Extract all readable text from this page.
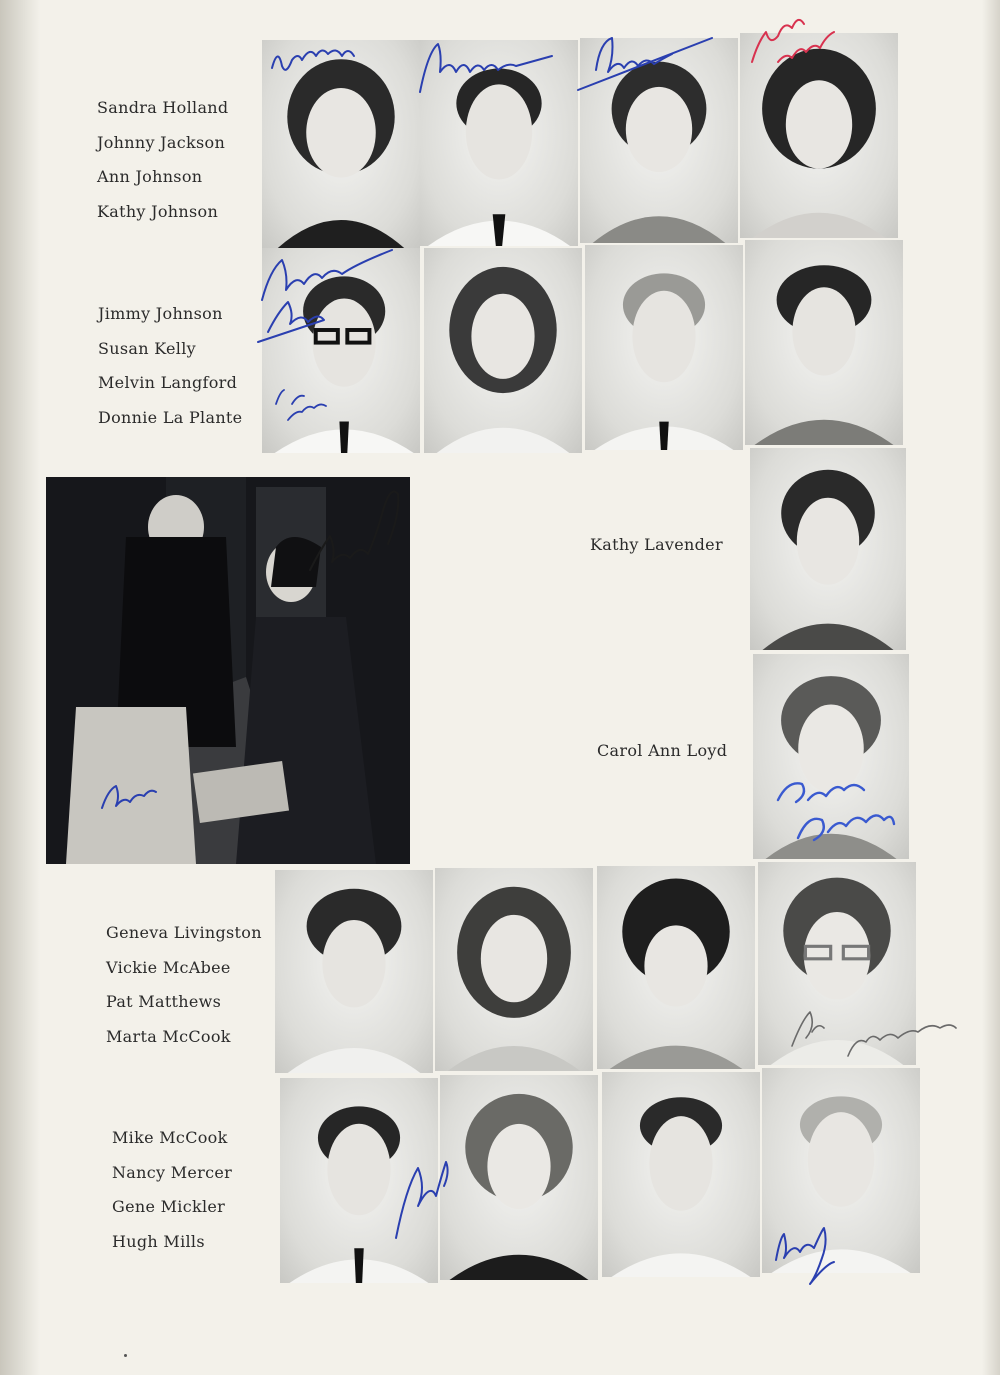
Sandra Holland
Johnny Jackson
Ann Johnson
Kathy Johnson
Jimmy Johnson
Susan Kelly
Melvin Langford
Donnie La Plante
Geneva Livingston
Vickie McAbee
Pat Matthews
Marta McCook
Mike McCook
Nancy Mercer
Gene Mickler
Hugh Mills
Kathy Lavender
Carol Ann Loyd
